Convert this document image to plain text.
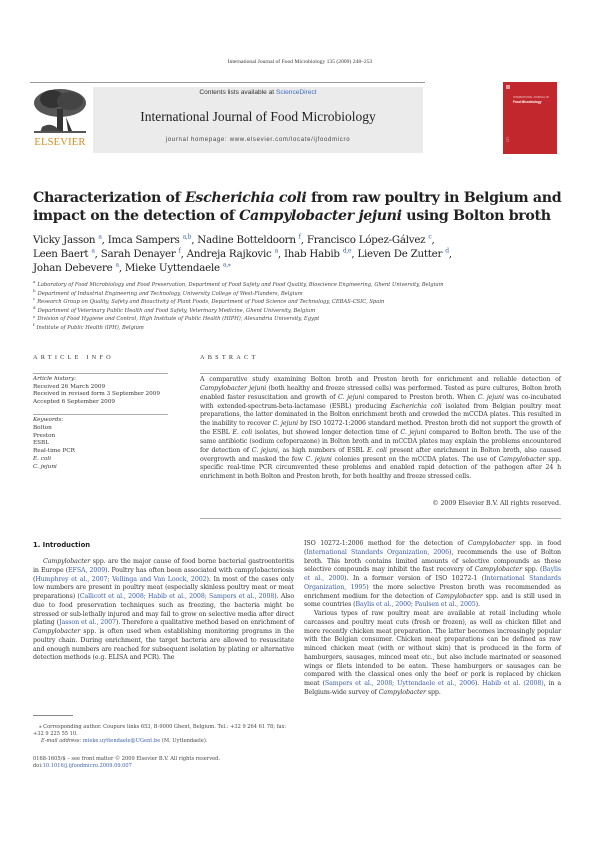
International Journal of Food Microbiology 135 (2009) 248–253
ELSEVIER
Contents lists available at ScienceDirect
International Journal of Food Microbiology
journal homepage: www.elsevier.com/locate/ijfoodmicro
INTERNATIONAL JOURNAL OF
Food Microbiology
5
Characterization of Escherichia coli from raw poultry in Belgium and impact on the detection of Campylobacter jejuni using Bolton broth
Vicky Jasson $^a$, Imca Sampers $^{a,b}$, Nadine Botteldoorn $^f$, Francisco López-Gálvez $^c$,
Leen Baert $^a$, Sarah Denayer $^f$, Andreja Rajkovic $^a$, Ihab Habib $^{d,e}$, Lieven De Zutter $^d$,
Johan Debevere $^a$, Mieke Uyttendaele $^{a,⁎}$
$^a$Laboratory of Food Microbiology and Food Preservation, Department of Food Safety and Food Quality, Bioscience Engineering, Ghent University, Belgium
$^b$Department of Industrial Engineering and Technology, University College of West-Flanders, Belgium
$^c$Research Group on Quality, Safety and Bioactivity of Plant Foods, Department of Food Science and Technology, CEBAS-CSIC, Spain
$^d$Department of Veterinary Public Health and Food Safety, Veterinary Medicine, Ghent University, Belgium
$^e$Division of Food Hygiene and Control, High Institute of Public Health (HIPH), Alexandria University, Egypt
$^f$Institute of Public Health (IPH), Belgium
ARTICLE INFO
Article history:
Received 26 March 2009
Received in revised form 3 September 2009
Accepted 6 September 2009
Keywords:
Bolton
Preston
ESBL
Real-time PCR
E. coli
C. jejuni
ABSTRACT
A comparative study examining Bolton broth and Preston broth for enrichment and reliable detection of Campylobacter jejuni (both healthy and freeze stressed cells) was performed. Tested as pure cultures, Bolton broth enabled faster resuscitation and growth of C. jejuni compared to Preston broth. When C. jejuni was co-incubated with extended-spectrum-beta-lactamase (ESBL) producing Escherichia coli isolated from Belgian poultry meat preparations, the latter dominated in the Bolton enrichment broth and crowded the mCCDA plates. This resulted in the inability to recover C. jejuni by ISO 10272-1:2006 standard method. Preston broth did not support the growth of the ESBL E. coli isolates, but showed longer detection time of C. jejuni compared to Bolton broth. The use of the same antibiotic (sodium cefoperazone) in Bolton broth and in mCCDA plates may explain the problems encountered for detection of C. jejuni, as high numbers of ESBL E. coli present after enrichment in Bolton broth, also caused overgrowth and masked the few C. jejuni colonies present on the mCCDA plates. The use of Campylobacter spp. specific real-time PCR circumvented these problems and enabled rapid detection of the pathogen after 24 h enrichment in both Bolton and Preston broth, for both healthy and freeze stressed cells.
© 2009 Elsevier B.V. All rights reserved.
1. Introduction

Campylobacter spp. are the major cause of food borne bacterial gastroenteritis in Europe (EFSA, 2009). Poultry has often been associated with campylobacteriosis (Humphrey et al., 2007; Vellinga and Van Loock, 2002). In most of the cases only low numbers are present in poultry meat (especially skinless poultry meat or meat preparations) (Callicott et al., 2008; Habib et al., 2008; Sampers et al., 2008). Also due to food preservation techniques such as freezing, the bacteria might be stressed or sub-lethally injured and may fail to grow on selective media after direct plating (Jasson et al., 2007). Therefore a qualitative method based on enrichment of Campylobacter spp. is often used when establishing monitoring programs in the poultry chain. During enrichment, the target bacteria are allowed to resuscitate and enough numbers are reached for subsequent isolation by plating or alternative detection methods (e.g. ELISA and PCR). The

ISO 10272-1:2006 method for the detection of Campylobacter spp. in food (International Standards Organization, 2006), recommends the use of Bolton broth. This broth contains limited amounts of selective compounds as these selective compounds may inhibit the fast recovery of Campylobacter spp. (Baylis et al., 2000). In a former version of ISO 10272-1 (International Standards Organization, 1995) the more selective Preston broth was recommended as enrichment medium for the detection of Campylobacter spp. and is still used in some countries (Baylis et al., 2000; Paulsen et al., 2005).

Various types of raw poultry meat are available at retail including whole carcasses and poultry meat cuts (fresh or frozen), as well as chicken fillet and more recently chicken meat preparation. The latter becomes increasingly popular with the Belgian consumer. Chicken meat preparations can be defined as raw minced chicken meat (with or without skin) that is produced in the form of hamburgers, sausages, minced meat etc., but also include marinated or seasoned wings or filets intended to be eaten. These hamburgers or sausages can be compared with the classical ones only the beef or pork is replaced by chicken meat (Sampers et al., 2008; Uyttendaele et al., 2006). Habib et al. (2008), in a Belgium-wide survey of Campylobacter spp.

⁎ Corresponding author. Coupure links 653, B-9000 Ghent, Belgium. Tel.: +32 9 264 61 78; fax: +32 9 225 55 10.
E-mail address: mieke.uyttendaele@UGent.be (M. Uyttendaele).
0168-1605/$ – see front matter © 2009 Elsevier B.V. All rights reserved.
doi:10.1016/j.ijfoodmicro.2009.09.007
